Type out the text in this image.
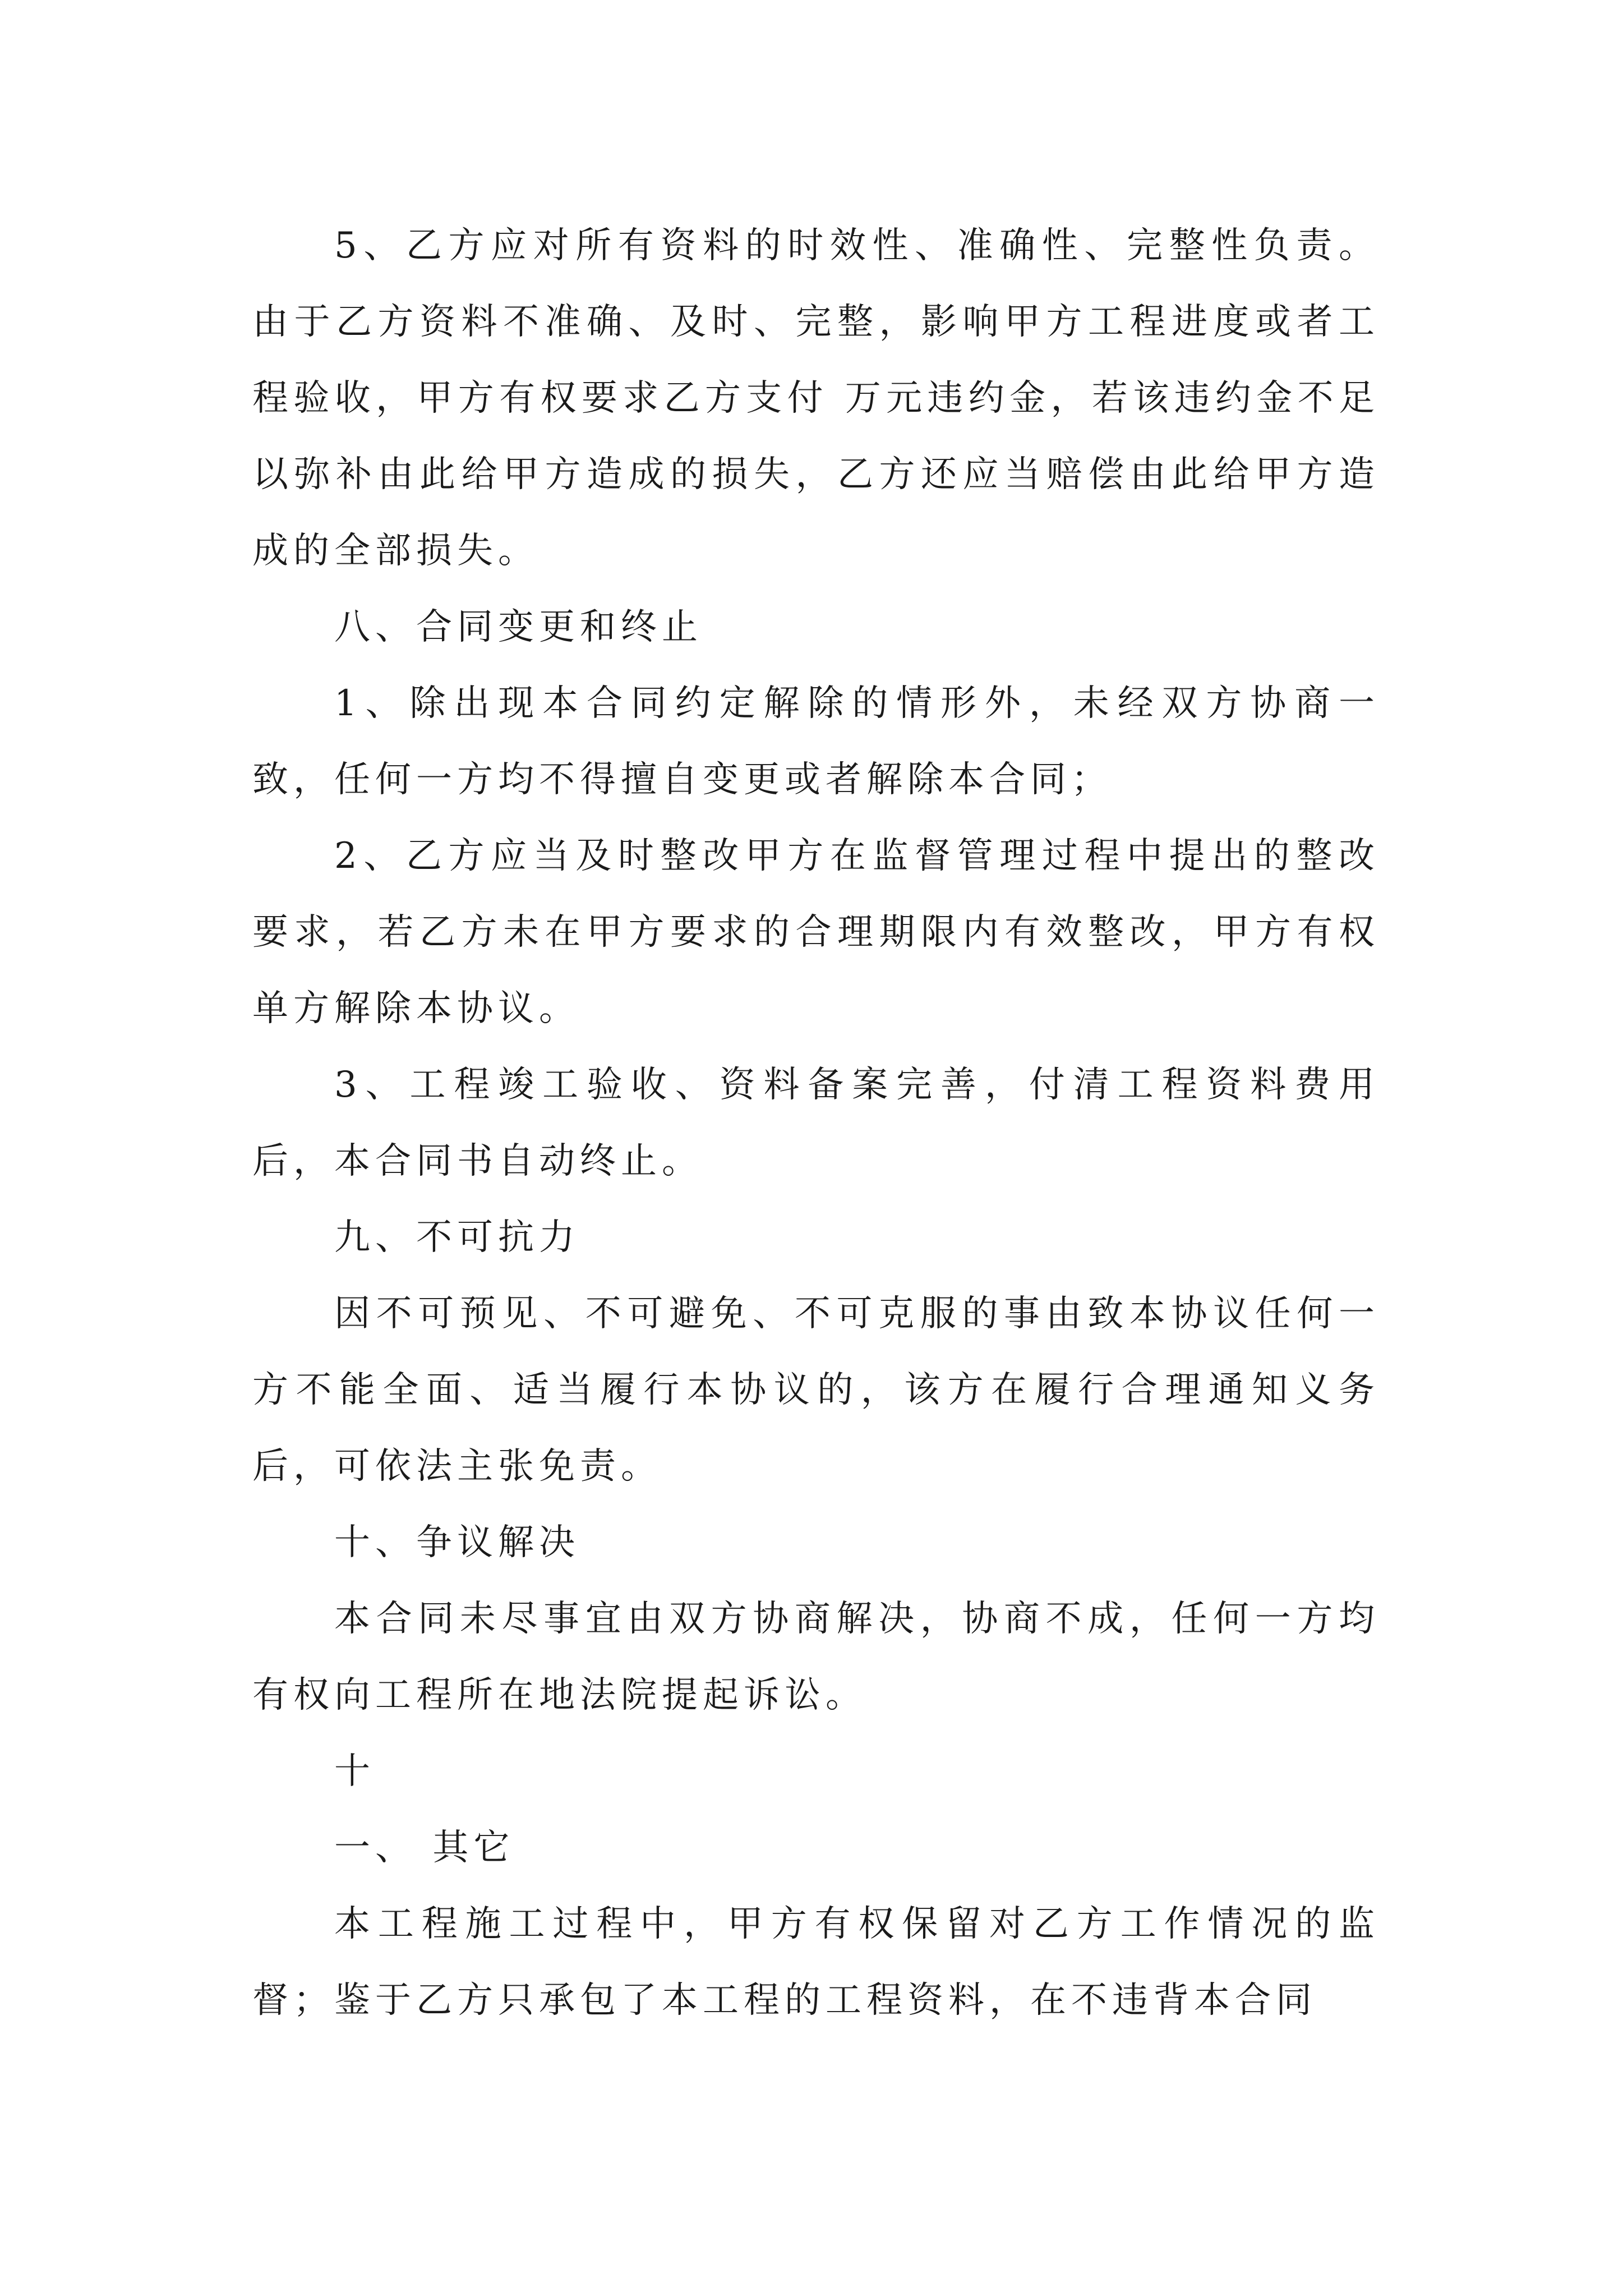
5、乙方应对所有资料的时效性、准确性、完整性负责。由于乙方资料不准确、及时、完整，影响甲方工程进度或者工程验收，甲方有权要求乙方支付 万元违约金，若该违约金不足以弥补由此给甲方造成的损失，乙方还应当赔偿由此给甲方造成的全部损失。

八、合同变更和终止

1、除出现本合同约定解除的情形外，未经双方协商一致，任何一方均不得擅自变更或者解除本合同；

2、乙方应当及时整改甲方在监督管理过程中提出的整改要求，若乙方未在甲方要求的合理期限内有效整改，甲方有权单方解除本协议。

3、工程竣工验收、资料备案完善，付清工程资料费用后，本合同书自动终止。

九、不可抗力

因不可预见、不可避免、不可克服的事由致本协议任何一方不能全面、适当履行本协议的，该方在履行合理通知义务后，可依法主张免责。

十、争议解决

本合同未尽事宜由双方协商解决，协商不成，任何一方均有权向工程所在地法院提起诉讼。

十

一、 其它

本工程施工过程中，甲方有权保留对乙方工作情况的监督；鉴于乙方只承包了本工程的工程资料，在不违背本合同
